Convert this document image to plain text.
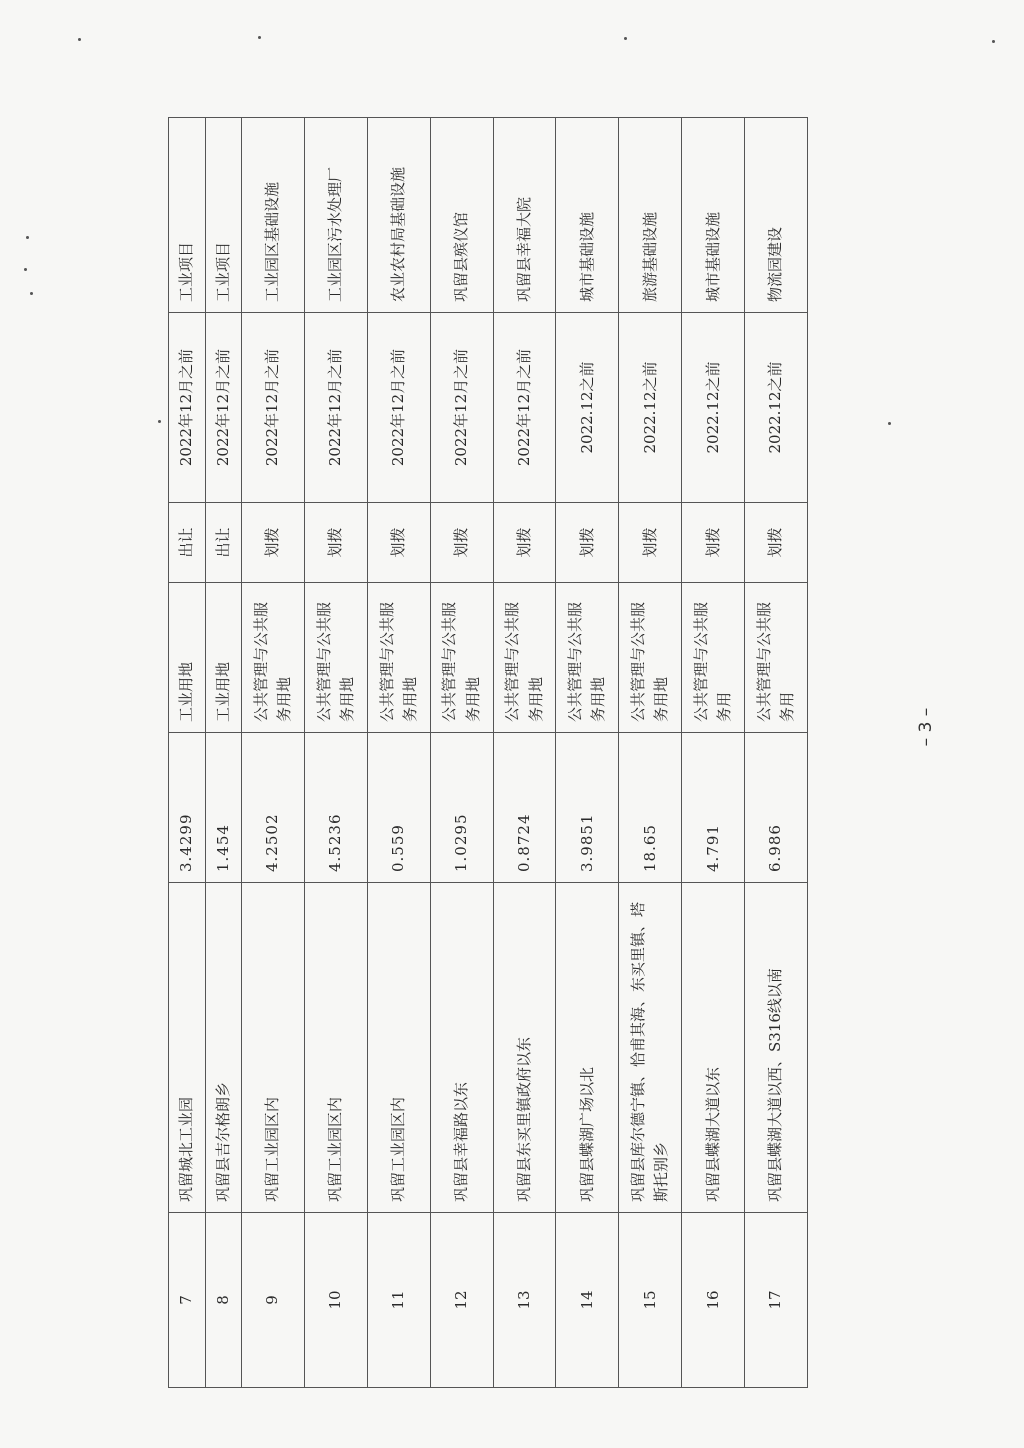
7	巩留城北工业园	3.4299	工业用地	出让	2022年12月之前	工业项目
8	巩留县吉尔格朗乡	1.454	工业用地	出让	2022年12月之前	工业项目
9	巩留工业园区内	4.2502	公共管理与公共服务用地	划拨	2022年12月之前	工业园区基础设施
10	巩留工业园区内	4.5236	公共管理与公共服务用地	划拨	2022年12月之前	工业园区污水处理厂
11	巩留工业园区内	0.559	公共管理与公共服务用地	划拨	2022年12月之前	农业农村局基础设施
12	巩留县幸福路以东	1.0295	公共管理与公共服务用地	划拨	2022年12月之前	巩留县殡仪馆
13	巩留县东买里镇政府以东	0.8724	公共管理与公共服务用地	划拨	2022年12月之前	巩留县幸福大院
14	巩留县蝶湖广场以北	3.9851	公共管理与公共服务用地	划拨	2022.12之前	城市基础设施
15	巩留县库尔德宁镇、恰甫其海、东买里镇、塔斯托别乡	18.65	公共管理与公共服务用地	划拨	2022.12之前	旅游基础设施
16	巩留县蝶湖大道以东	4.791	公共管理与公共服务用	划拨	2022.12之前	城市基础设施
17	巩留县蝶湖大道以西、S316线以南	6.986	公共管理与公共服务用	划拨	2022.12之前	物流园建设
– 3 –
